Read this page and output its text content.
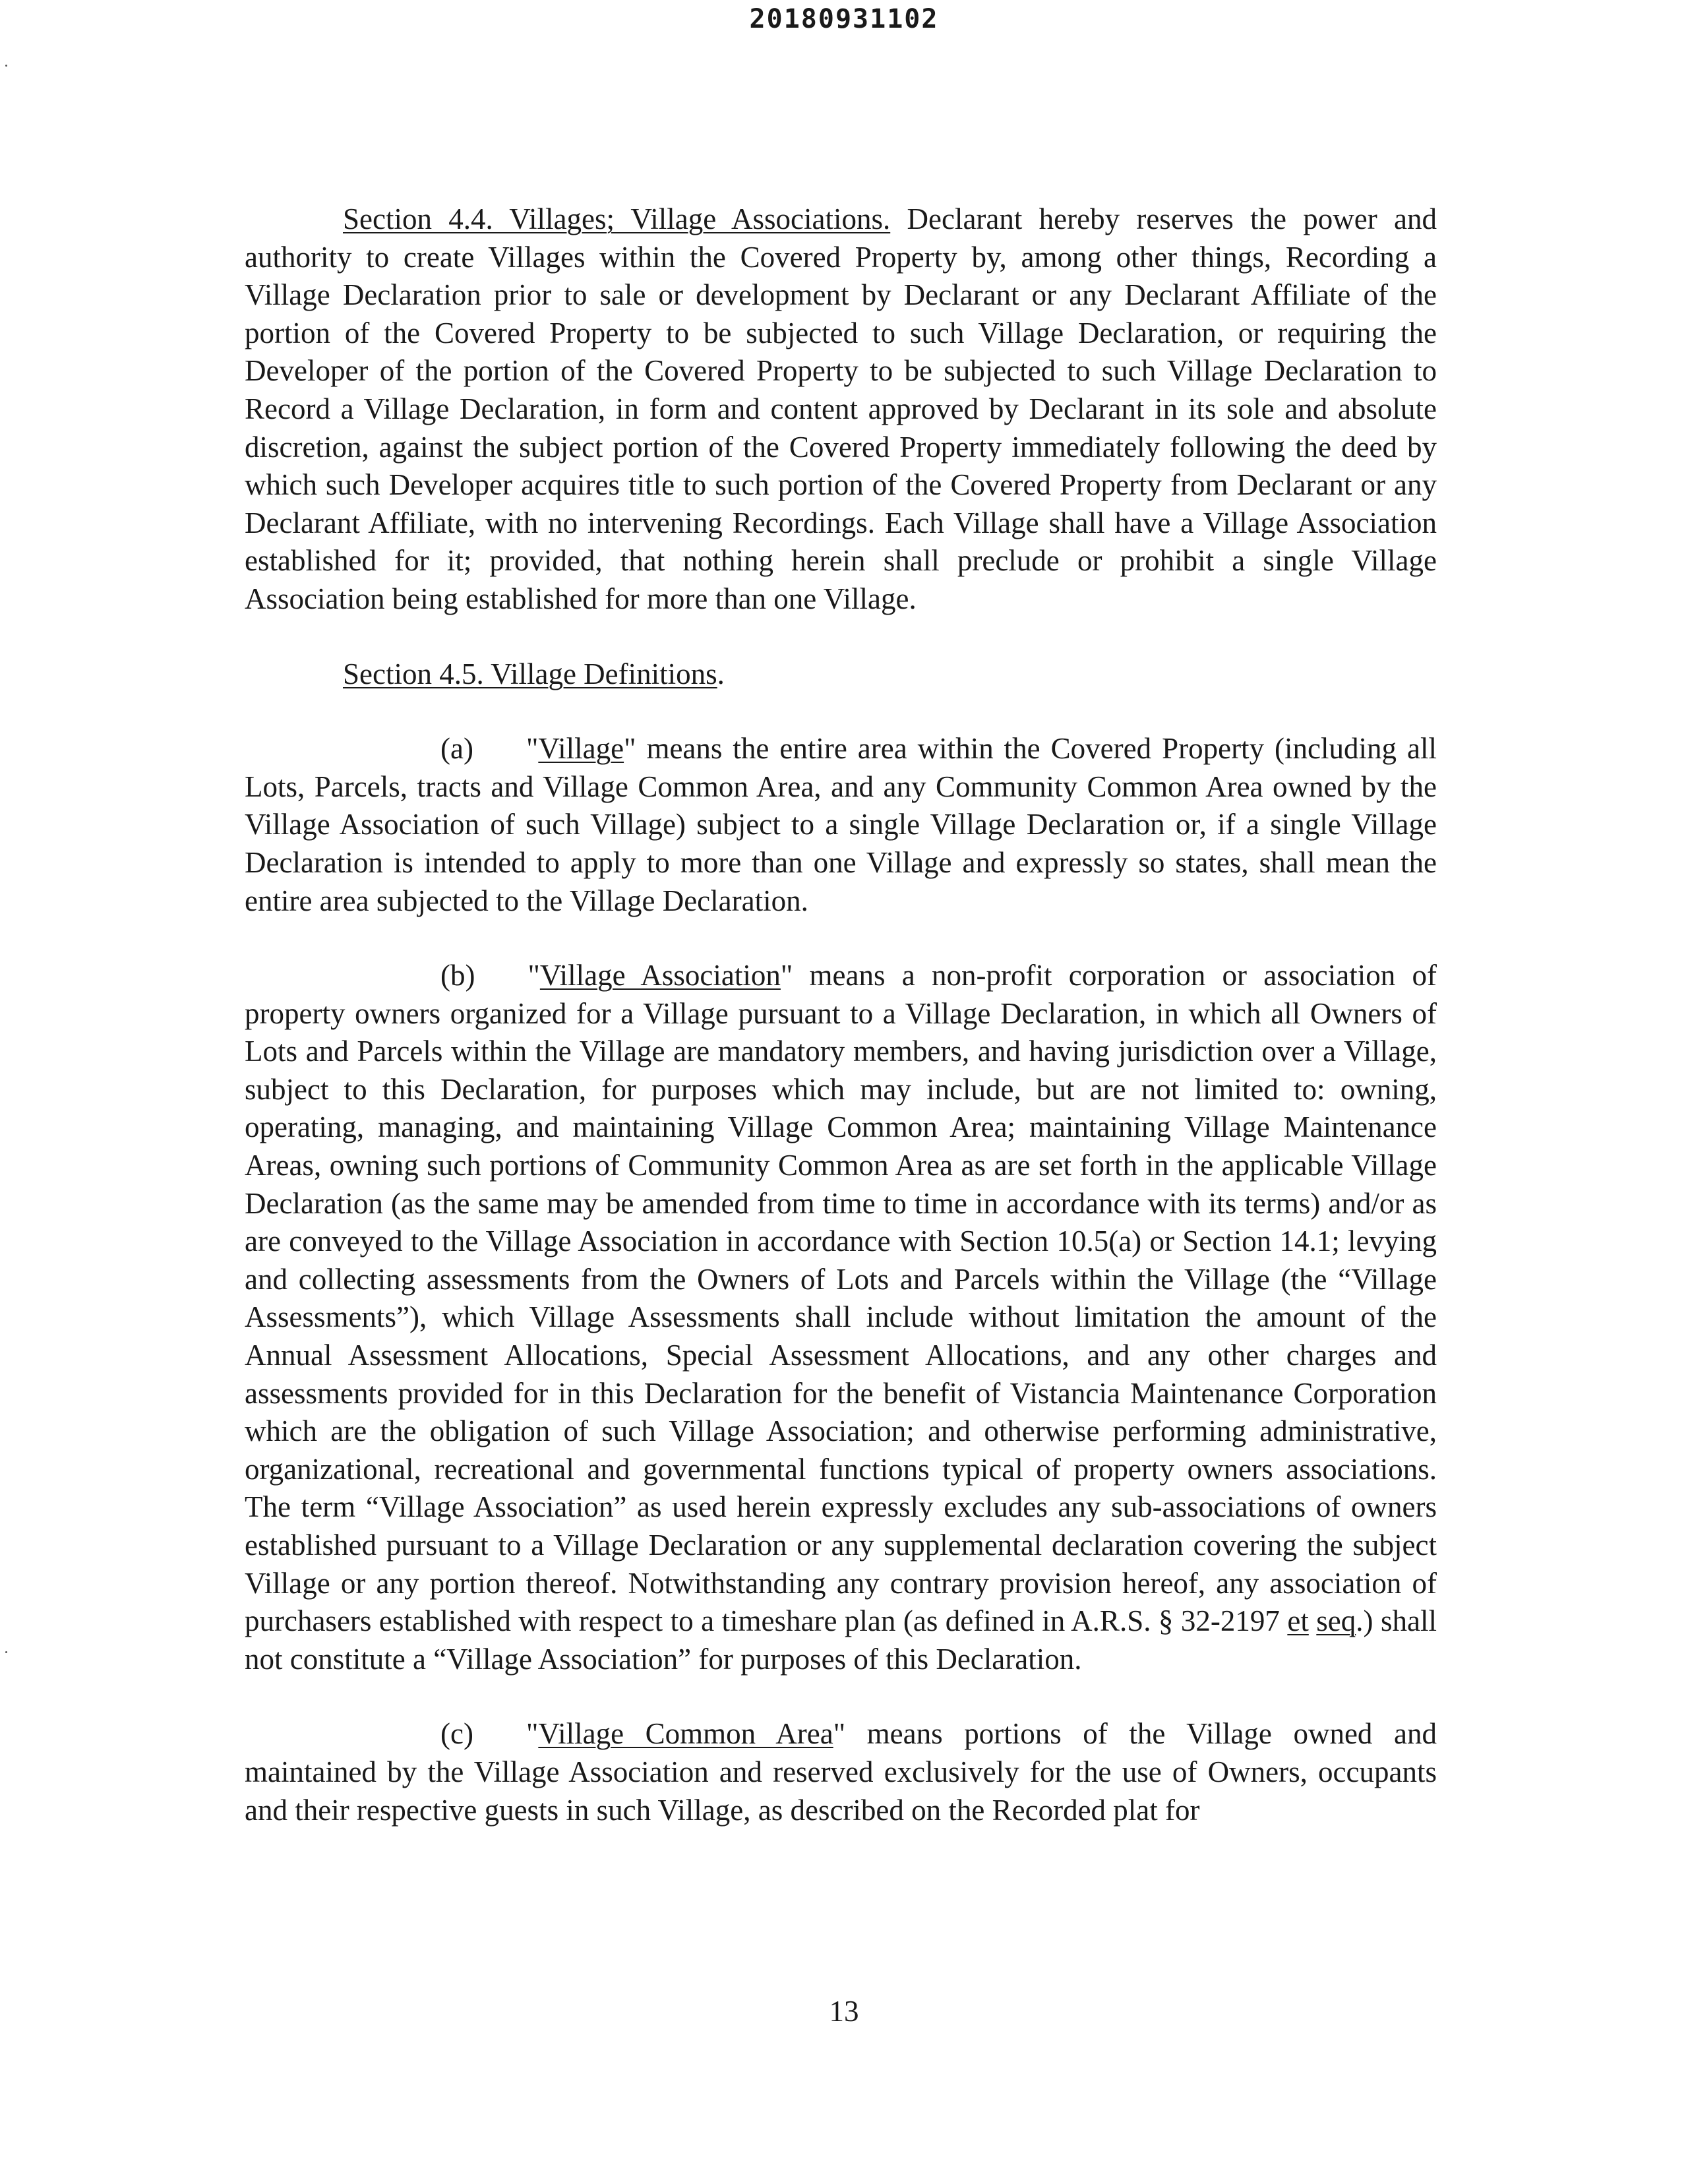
20180931102

Section 4.4. Villages; Village Associations. Declarant hereby reserves the power and authority to create Villages within the Covered Property by, among other things, Recording a Village Declaration prior to sale or development by Declarant or any Declarant Affiliate of the portion of the Covered Property to be subjected to such Village Declaration, or requiring the Developer of the portion of the Covered Property to be subjected to such Village Declaration to Record a Village Declaration, in form and content approved by Declarant in its sole and absolute discretion, against the subject portion of the Covered Property immediately following the deed by which such Developer acquires title to such portion of the Covered Property from Declarant or any Declarant Affiliate, with no intervening Recordings. Each Village shall have a Village Association established for it; provided, that nothing herein shall preclude or prohibit a single Village Association being established for more than one Village.

Section 4.5. Village Definitions.

(a) "Village" means the entire area within the Covered Property (including all Lots, Parcels, tracts and Village Common Area, and any Community Common Area owned by the Village Association of such Village) subject to a single Village Declaration or, if a single Village Declaration is intended to apply to more than one Village and expressly so states, shall mean the entire area subjected to the Village Declaration.

(b) "Village Association" means a non-profit corporation or association of property owners organized for a Village pursuant to a Village Declaration, in which all Owners of Lots and Parcels within the Village are mandatory members, and having jurisdiction over a Village, subject to this Declaration, for purposes which may include, but are not limited to: owning, operating, managing, and maintaining Village Common Area; maintaining Village Maintenance Areas, owning such portions of Community Common Area as are set forth in the applicable Village Declaration (as the same may be amended from time to time in accordance with its terms) and/or as are conveyed to the Village Association in accordance with Section 10.5(a) or Section 14.1; levying and collecting assessments from the Owners of Lots and Parcels within the Village (the “Village Assessments”), which Village Assessments shall include without limitation the amount of the Annual Assessment Allocations, Special Assessment Allocations, and any other charges and assessments provided for in this Declaration for the benefit of Vistancia Maintenance Corporation which are the obligation of such Village Association; and otherwise performing administrative, organizational, recreational and governmental functions typical of property owners associations. The term “Village Association” as used herein expressly excludes any sub-associations of owners established pursuant to a Village Declaration or any supplemental declaration covering the subject Village or any portion thereof. Notwithstanding any contrary provision hereof, any association of purchasers established with respect to a timeshare plan (as defined in A.R.S. § 32-2197 et seq.) shall not constitute a “Village Association” for purposes of this Declaration.

(c) "Village Common Area" means portions of the Village owned and maintained by the Village Association and reserved exclusively for the use of Owners, occupants and their respective guests in such Village, as described on the Recorded plat for

13
